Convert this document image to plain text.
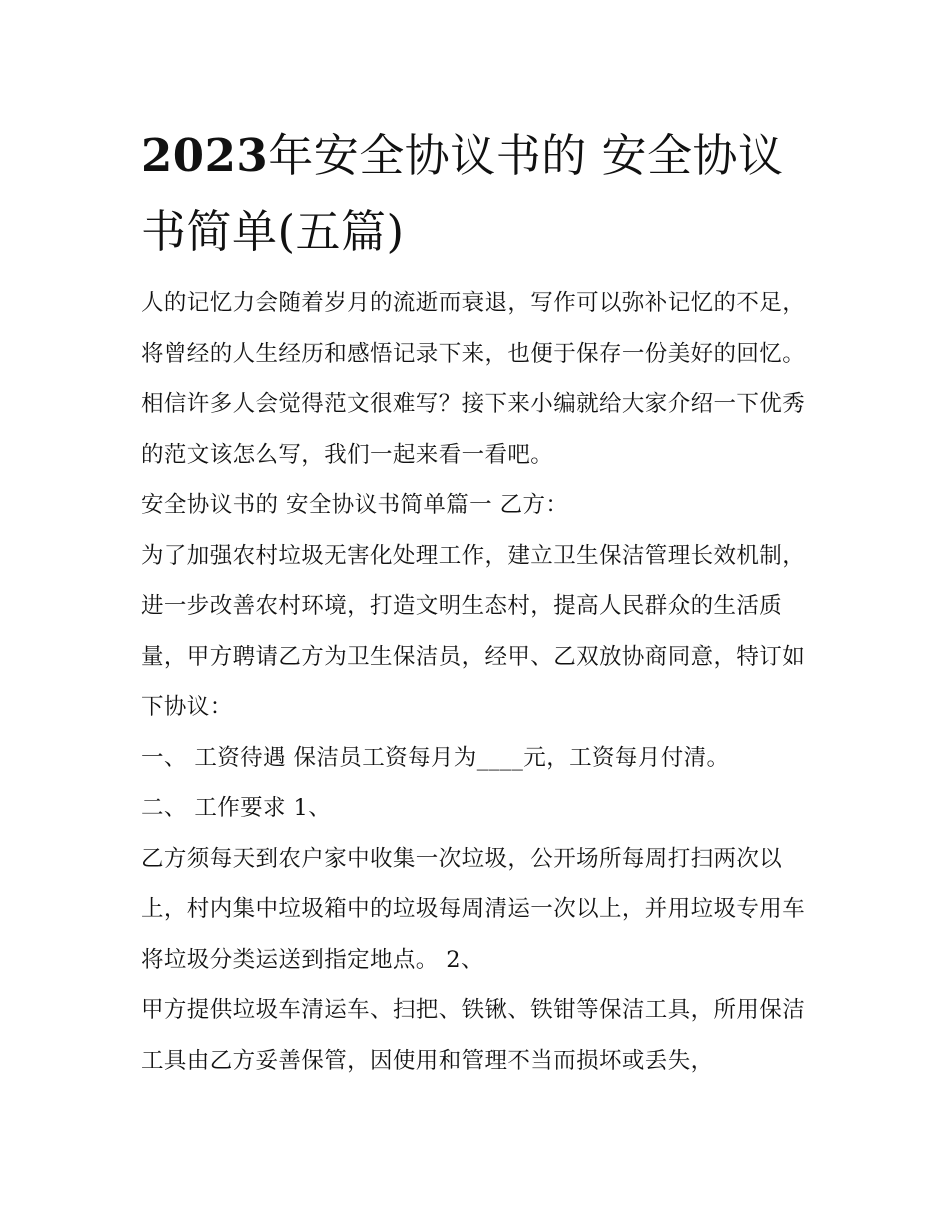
2023年安全协议书的 安全协议书简单(五篇)

人的记忆力会随着岁月的流逝而衰退，写作可以弥补记忆的不足，将曾经的人生经历和感悟记录下来，也便于保存一份美好的回忆。相信许多人会觉得范文很难写？接下来小编就给大家介绍一下优秀的范文该怎么写，我们一起来看一看吧。

安全协议书的 安全协议书简单篇一 乙方：

为了加强农村垃圾无害化处理工作，建立卫生保洁管理长效机制，进一步改善农村环境，打造文明生态村，提高人民群众的生活质量，甲方聘请乙方为卫生保洁员，经甲、乙双放协商同意，特订如下协议：

一、 工资待遇 保洁员工资每月为____元，工资每月付清。

二、 工作要求 1、

乙方须每天到农户家中收集一次垃圾，公开场所每周打扫两次以上，村内集中垃圾箱中的垃圾每周清运一次以上，并用垃圾专用车将垃圾分类运送到指定地点。 2、

甲方提供垃圾车清运车、扫把、铁锹、铁钳等保洁工具，所用保洁工具由乙方妥善保管，因使用和管理不当而损坏或丢失，
